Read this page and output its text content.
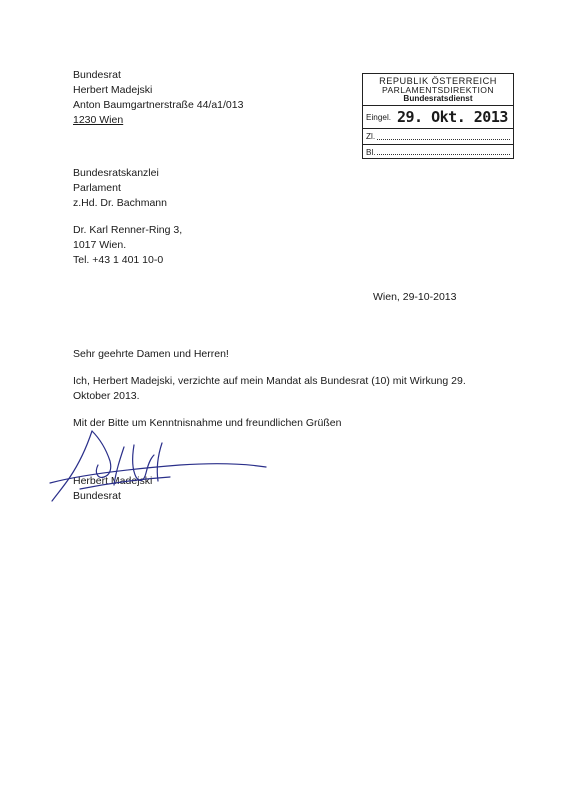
Bundesrat
Herbert Madejski
Anton Baumgartnerstraße 44/a1/013
1230 Wien
REPUBLIK ÖSTERREICH
PARLAMENTSDIREKTION
Bundesratsdienst
Eingel. 29. Okt. 2013
Zl.
Bl.
Bundesratskanzlei
Parlament
z.Hd. Dr. Bachmann
Dr. Karl Renner-Ring 3,
1017 Wien.
Tel. +43 1 401 10-0
Wien, 29-10-2013
Sehr geehrte Damen und Herren!
Ich, Herbert Madejski, verzichte auf mein Mandat als Bundesrat (10) mit Wirkung 29.
Oktober 2013.
Mit der Bitte um Kenntnisnahme und freundlichen Grüßen
Herbert Madejski
Bundesrat
